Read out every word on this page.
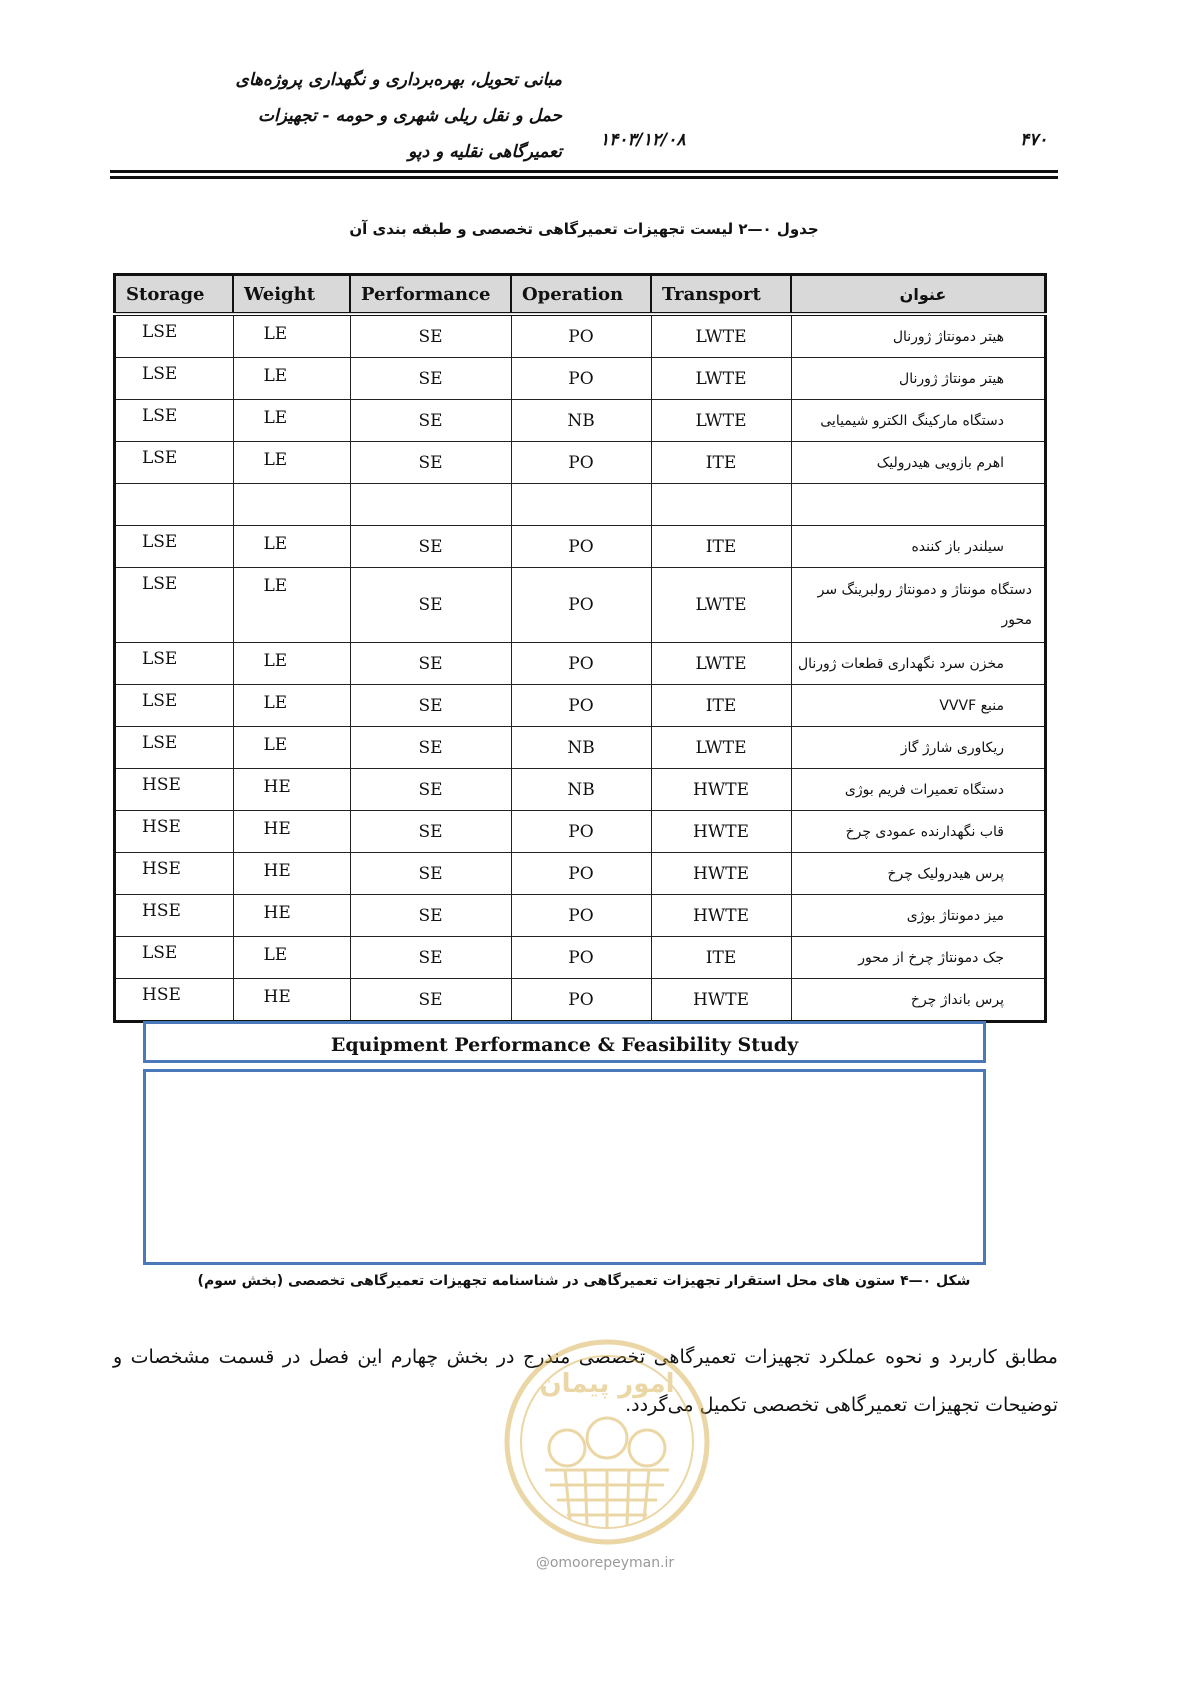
مبانی تحویل، بهره‌برداری و نگهداری پروژه‌های
حمل و نقل ریلی شهری و حومه - تجهیزات
تعمیرگاهی نقلیه و دپو
۱۴۰۳/۱۲/۰۸	۴۷۰
جدول ۰—۲ لیست تجهیزات تعمیرگاهی تخصصی و طبقه بندی آن
Storage	Weight	Performance	Operation	Transport	عنوان
LSE	LE	SE	PO	LWTE	هیتر دمونتاژ ژورنال
LSE	LE	SE	PO	LWTE	هیتر مونتاژ ژورنال
LSE	LE	SE	NB	LWTE	دستگاه مارکینگ الکترو شیمیایی
LSE	LE	SE	PO	ITE	اهرم بازویی هیدرولیک

LSE	LE	SE	PO	ITE	سیلندر باز کننده
LSE	LE	SE	PO	LWTE	دستگاه مونتاژ و دمونتاژ رولبرینگ سر محور
LSE	LE	SE	PO	LWTE	مخزن سرد نگهداری قطعات ژورنال
LSE	LE	SE	PO	ITE	منبع VVVF
LSE	LE	SE	NB	LWTE	ریکاوری شارژ گاز
HSE	HE	SE	NB	HWTE	دستگاه تعمیرات فریم بوژی
HSE	HE	SE	PO	HWTE	قاب نگهدارنده عمودی چرخ
HSE	HE	SE	PO	HWTE	پرس هیدرولیک چرخ
HSE	HE	SE	PO	HWTE	میز دمونتاژ بوژی
LSE	LE	SE	PO	ITE	جک دمونتاژ چرخ از محور
HSE	HE	SE	PO	HWTE	پرس بانداژ چرخ
Equipment Performance & Feasibility Study
شکل ۰—۴ ستون های محل استقرار تجهیزات تعمیرگاهی در شناسنامه تجهیزات تعمیرگاهی تخصصی (بخش سوم)
مطابق کاربرد و نحوه عملکرد تجهیزات تعمیرگاهی تخصصی مندرج در بخش چهارم این فصل در قسمت مشخصات و توضیحات تجهیزات تعمیرگاهی تخصصی تکمیل می‌گردد.
امور پیمان
@omoorepeyman.ir
